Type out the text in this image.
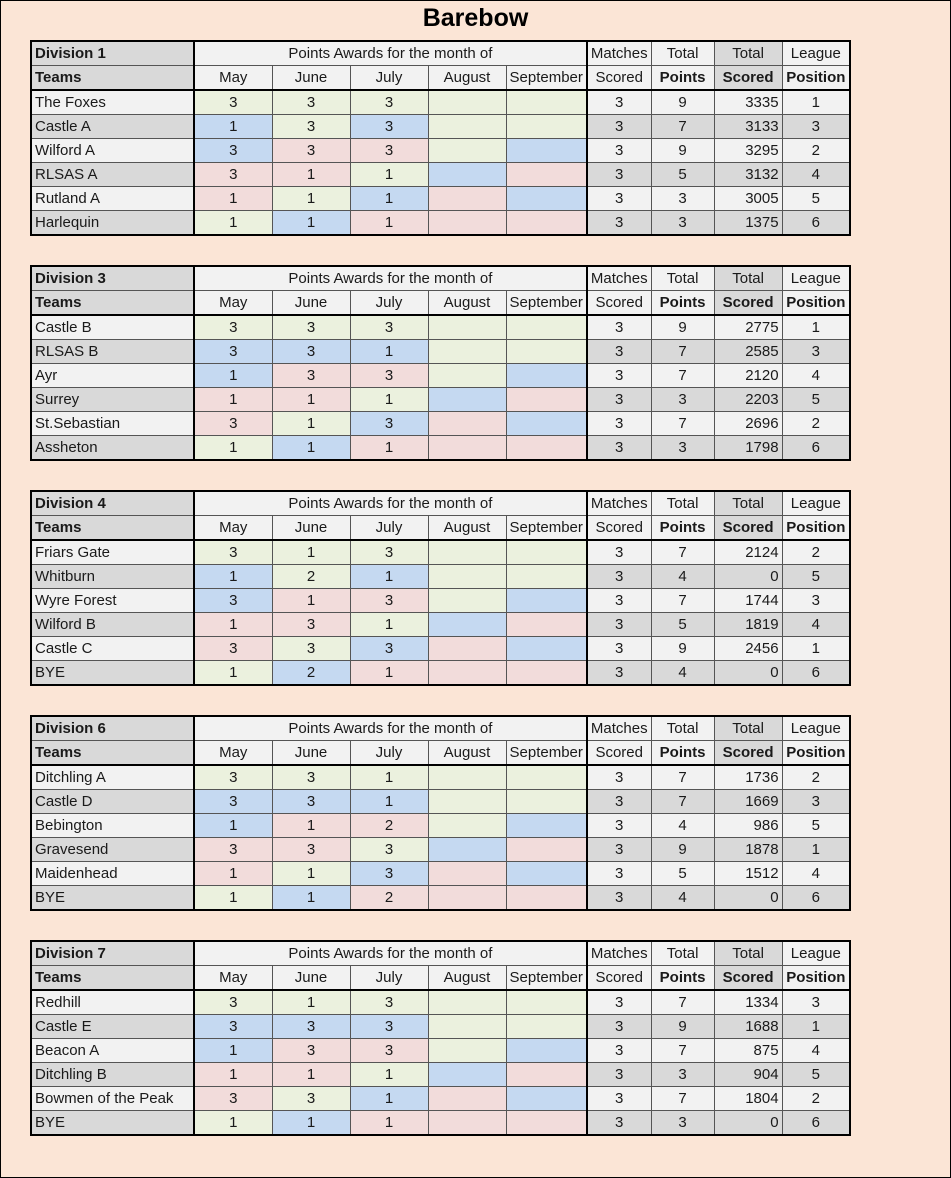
Barebow
Division 1	Points Awards for the month of					Matches	Total	Total	League
Teams	May	June	July	August	September	Scored	Points	Scored	Position
The Foxes	3	3	3			3	9	3335	1
Castle A	1	3	3			3	7	3133	3
Wilford A	3	3	3			3	9	3295	2
RLSAS A	3	1	1			3	5	3132	4
Rutland A	1	1	1			3	3	3005	5
Harlequin	1	1	1			3	3	1375	6
Division 3	Points Awards for the month of					Matches	Total	Total	League
Teams	May	June	July	August	September	Scored	Points	Scored	Position
Castle B	3	3	3			3	9	2775	1
RLSAS B	3	3	1			3	7	2585	3
Ayr	1	3	3			3	7	2120	4
Surrey	1	1	1			3	3	2203	5
St.Sebastian	3	1	3			3	7	2696	2
Assheton	1	1	1			3	3	1798	6
Division 4	Points Awards for the month of					Matches	Total	Total	League
Teams	May	June	July	August	September	Scored	Points	Scored	Position
Friars Gate	3	1	3			3	7	2124	2
Whitburn	1	2	1			3	4	0	5
Wyre Forest	3	1	3			3	7	1744	3
Wilford B	1	3	1			3	5	1819	4
Castle C	3	3	3			3	9	2456	1
BYE	1	2	1			3	4	0	6
Division 6	Points Awards for the month of					Matches	Total	Total	League
Teams	May	June	July	August	September	Scored	Points	Scored	Position
Ditchling A	3	3	1			3	7	1736	2
Castle D	3	3	1			3	7	1669	3
Bebington	1	1	2			3	4	986	5
Gravesend	3	3	3			3	9	1878	1
Maidenhead	1	1	3			3	5	1512	4
BYE	1	1	2			3	4	0	6
Division 7	Points Awards for the month of					Matches	Total	Total	League
Teams	May	June	July	August	September	Scored	Points	Scored	Position
Redhill	3	1	3			3	7	1334	3
Castle E	3	3	3			3	9	1688	1
Beacon A	1	3	3			3	7	875	4
Ditchling B	1	1	1			3	3	904	5
Bowmen of the Peak	3	3	1			3	7	1804	2
BYE	1	1	1			3	3	0	6
